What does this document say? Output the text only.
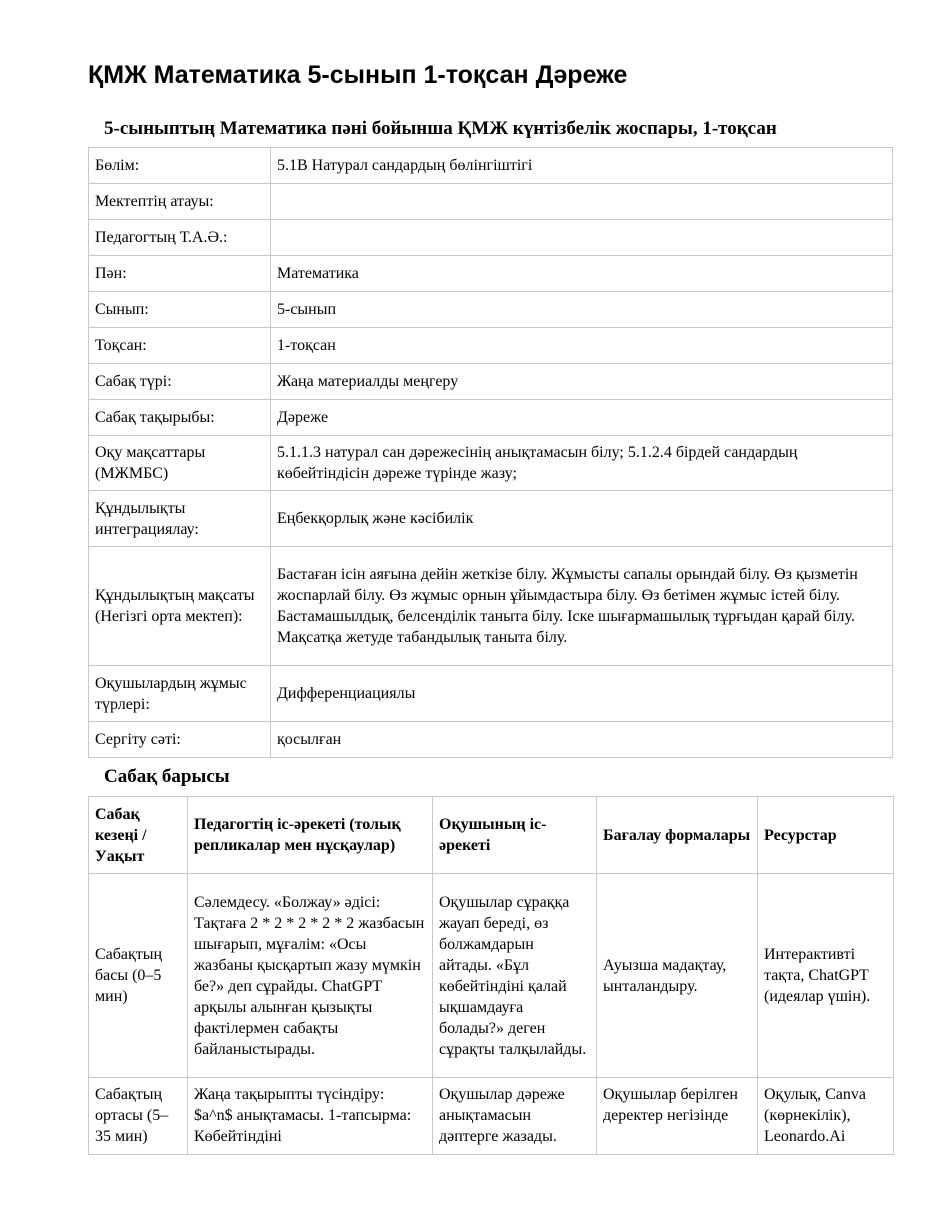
ҚМЖ Математика 5-сынып 1-тоқсан Дәреже
5-сыныптың Математика пәні бойынша ҚМЖ күнтізбелік жоспары, 1-тоқсан
Бөлім:	5.1В Натурал сандардың бөлінгіштігі
Мектептің атауы:	
Педагогтың Т.А.Ә.:	
Пән:	Математика
Сынып:	5-сынып
Тоқсан:	1-тоқсан
Сабақ түрі:	Жаңа материалды меңгеру
Сабақ тақырыбы:	Дәреже
Оқу мақсаттары (МЖМБС)	5.1.1.3 натурал сан дәрежесінің анықтамасын білу; 5.1.2.4 бірдей сандардың көбейтіндісін дәреже түрінде жазу;
Құндылықты интеграциялау:	Еңбекқорлық және кәсібилік
Құндылықтың мақсаты (Негізгі орта мектеп):	Бастаған ісін аяғына дейін жеткізе білу. Жұмысты сапалы орындай білу. Өз қызметін жоспарлай білу. Өз жұмыс орнын ұйымдастыра білу. Өз бетімен жұмыс істей білу. Бастамашылдық, белсенділік таныта білу. Іске шығармашылық тұрғыдан қарай білу. Мақсатқа жетуде табандылық таныта білу.
Оқушылардың жұмыс түрлері:	Дифференциациялы
Сергіту сәті:	қосылған
Сабақ барысы
Сабақ кезеңі / Уақыт	Педагогтің іс-әрекеті (толық репликалар мен нұсқаулар)	Оқушының іс-әрекеті	Бағалау формалары	Ресурстар
Сабақтың басы (0–5 мин)	Сәлемдесу. «Болжау» әдісі: Тақтаға 2 * 2 * 2 * 2 * 2 жазбасын шығарып, мұғалім: «Осы жазбаны қысқартып жазу мүмкін бе?» деп сұрайды. ChatGPT арқылы алынған қызықты фактілермен сабақты байланыстырады.	Оқушылар сұраққа жауап береді, өз болжамдарын айтады. «Бұл көбейтіндіні қалай ықшамдауға болады?» деген сұрақты талқылайды.	Ауызша мадақтау, ынталандыру.	Интерактивті тақта, ChatGPT (идеялар үшін).
Сабақтың ортасы (5–35 мин)	Жаңа тақырыпты түсіндіру: $a^n$ анықтамасы. 1-тапсырма: Көбейтіндіні	Оқушылар дәреже анықтамасын дәптерге жазады.	Оқушылар берілген деректер негізінде	Оқулық, Canva (көрнекілік), Leonardo.Ai
